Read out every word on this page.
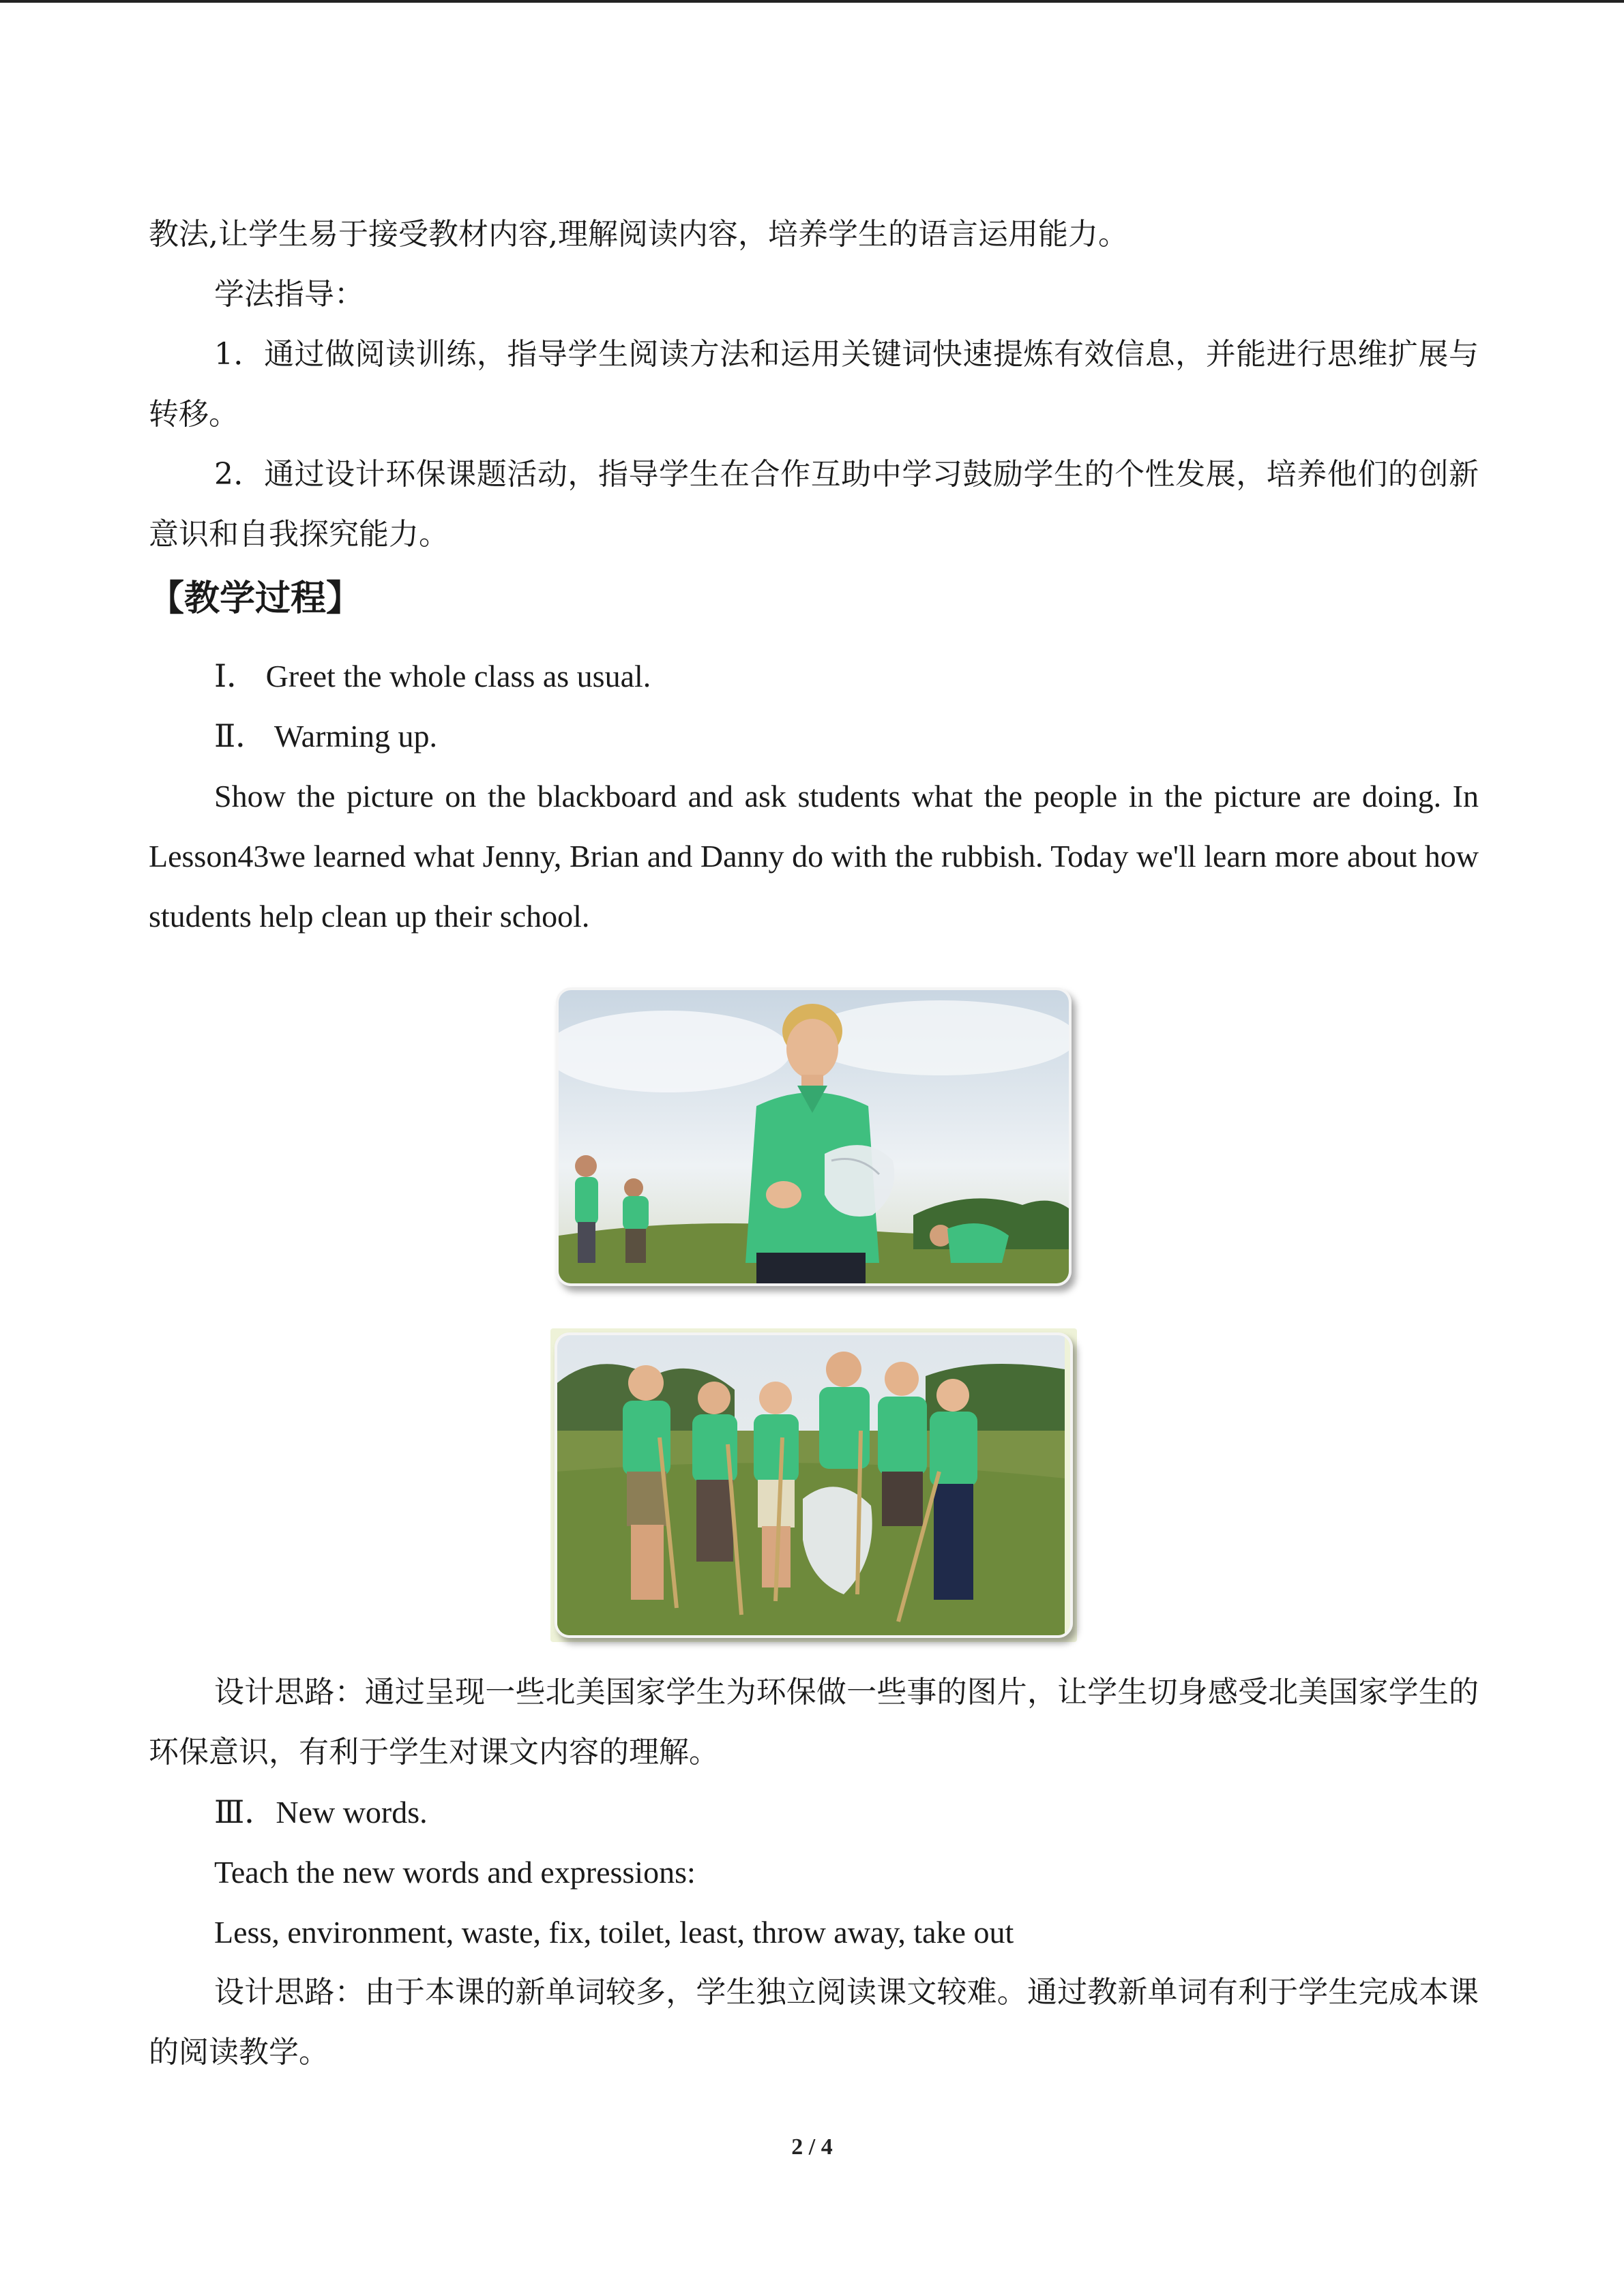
教法,让学生易于接受教材内容,理解阅读内容，培养学生的语言运用能力。

学法指导：

1．通过做阅读训练，指导学生阅读方法和运用关键词快速提炼有效信息，并能进行思维扩展与转移。

2．通过设计环保课题活动，指导学生在合作互助中学习鼓励学生的个性发展，培养他们的创新意识和自我探究能力。

【教学过程】

Ⅰ． Greet the whole class as usual.

Ⅱ． Warming up.

Show the picture on the blackboard and ask students what the people in the picture are doing. In Lesson43we learned what Jenny, Brian and Danny do with the rubbish. Today we'll learn more about how students help clean up their school.

设计思路：通过呈现一些北美国家学生为环保做一些事的图片，让学生切身感受北美国家学生的环保意识，有利于学生对课文内容的理解。

Ⅲ．New words.

Teach the new words and expressions:

Less, environment, waste, fix, toilet, least, throw away, take out

设计思路：由于本课的新单词较多，学生独立阅读课文较难。通过教新单词有利于学生完成本课的阅读教学。

2 / 4
